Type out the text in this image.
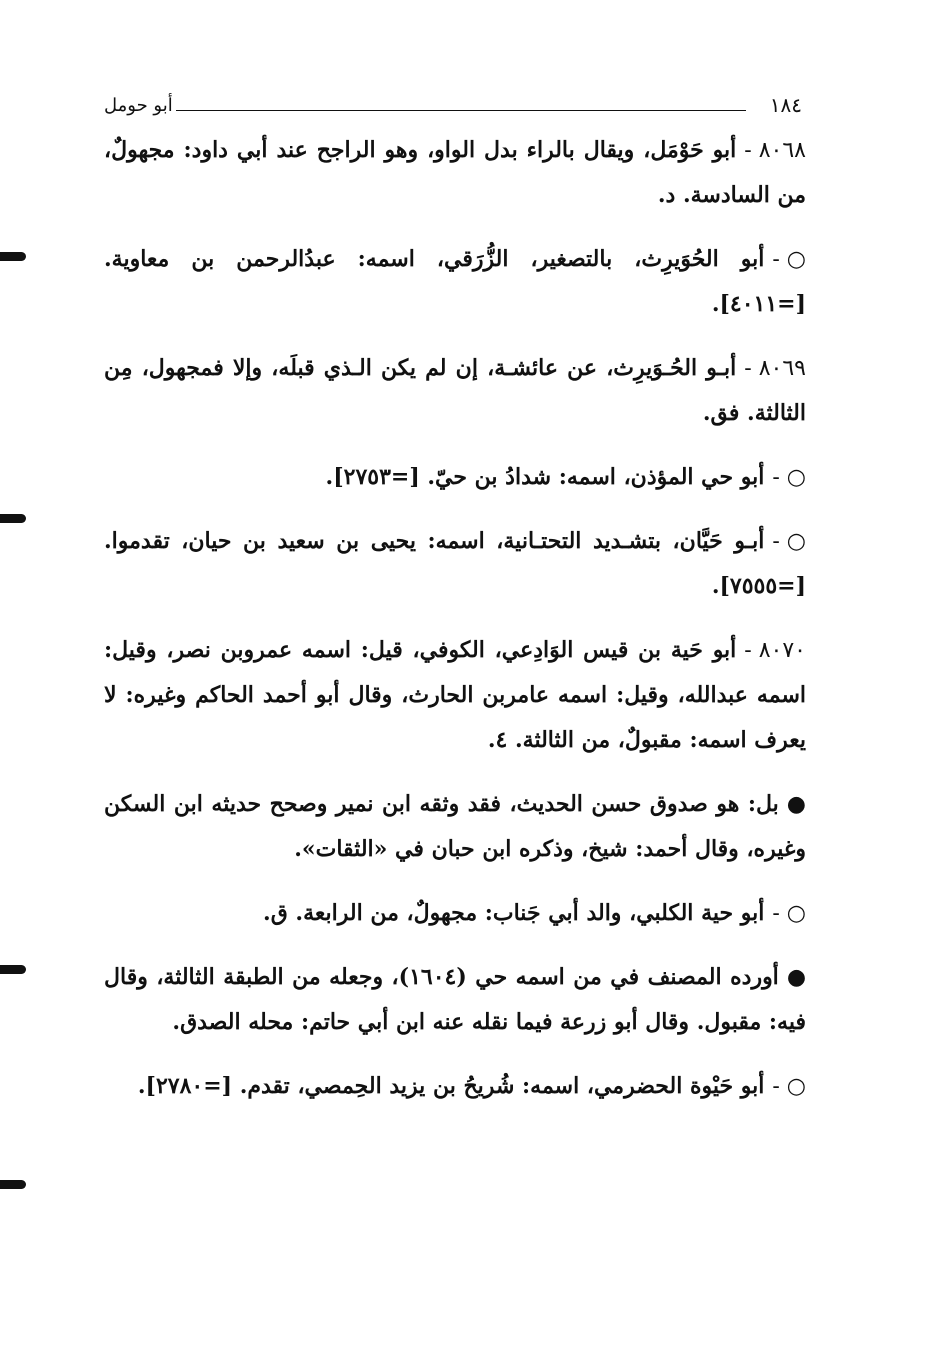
١٨٤
أبو حومل

٨٠٦٨ -أبو حَوْمَل، ويقال بالراء بدل الواو، وهو الراجح عند أبي داود: مجهولٌ، من السادسة. د.

○ -أبو الحُوَيرِث، بالتصغير، الزُّرَقي، اسمه: عبدُالرحمن بن معاوية. [=٤٠١١].

٨٠٦٩ -أبـو الحُـوَيرِث، عن عائشـة، إن لم يكن الـذي قبلَه، وإلا فمجهول، مِن الثالثة. فق.

○ -أبو حي المؤذن، اسمه: شدادُ بن حيّ. [=٢٧٥٣].

○ -أبـو حَيَّان، بتشـديد التحتـانية، اسمه: يحيى بن سعيد بن حيان، تقدموا. [=٧٥٥٥].

٨٠٧٠ -أبو حَية بن قيس الوَادِعي، الكوفي، قيل: اسمه عمروبن نصر، وقيل: اسمه عبدالله، وقيل: اسمه عامربن الحارث، وقال أبو أحمد الحاكم وغيره: لا يعرف اسمه: مقبولٌ، من الثالثة. ٤.

●بل: هو صدوق حسن الحديث، فقد وثقه ابن نمير وصحح حديثه ابن السكن وغيره، وقال أحمد: شيخ، وذكره ابن حبان في «الثقات».

○ -أبو حية الكلبي، والد أبي جَناب: مجهولٌ، من الرابعة. ق.

●أورده المصنف في من اسمه حي (١٦٠٤)، وجعله من الطبقة الثالثة، وقال فيه: مقبول. وقال أبو زرعة فيما نقله عنه ابن أبي حاتم: محله الصدق.

○ -أبو حَيْوة الحضرمي، اسمه: شُريحُ بن يزيد الحِمصي، تقدم. [=٢٧٨٠].
